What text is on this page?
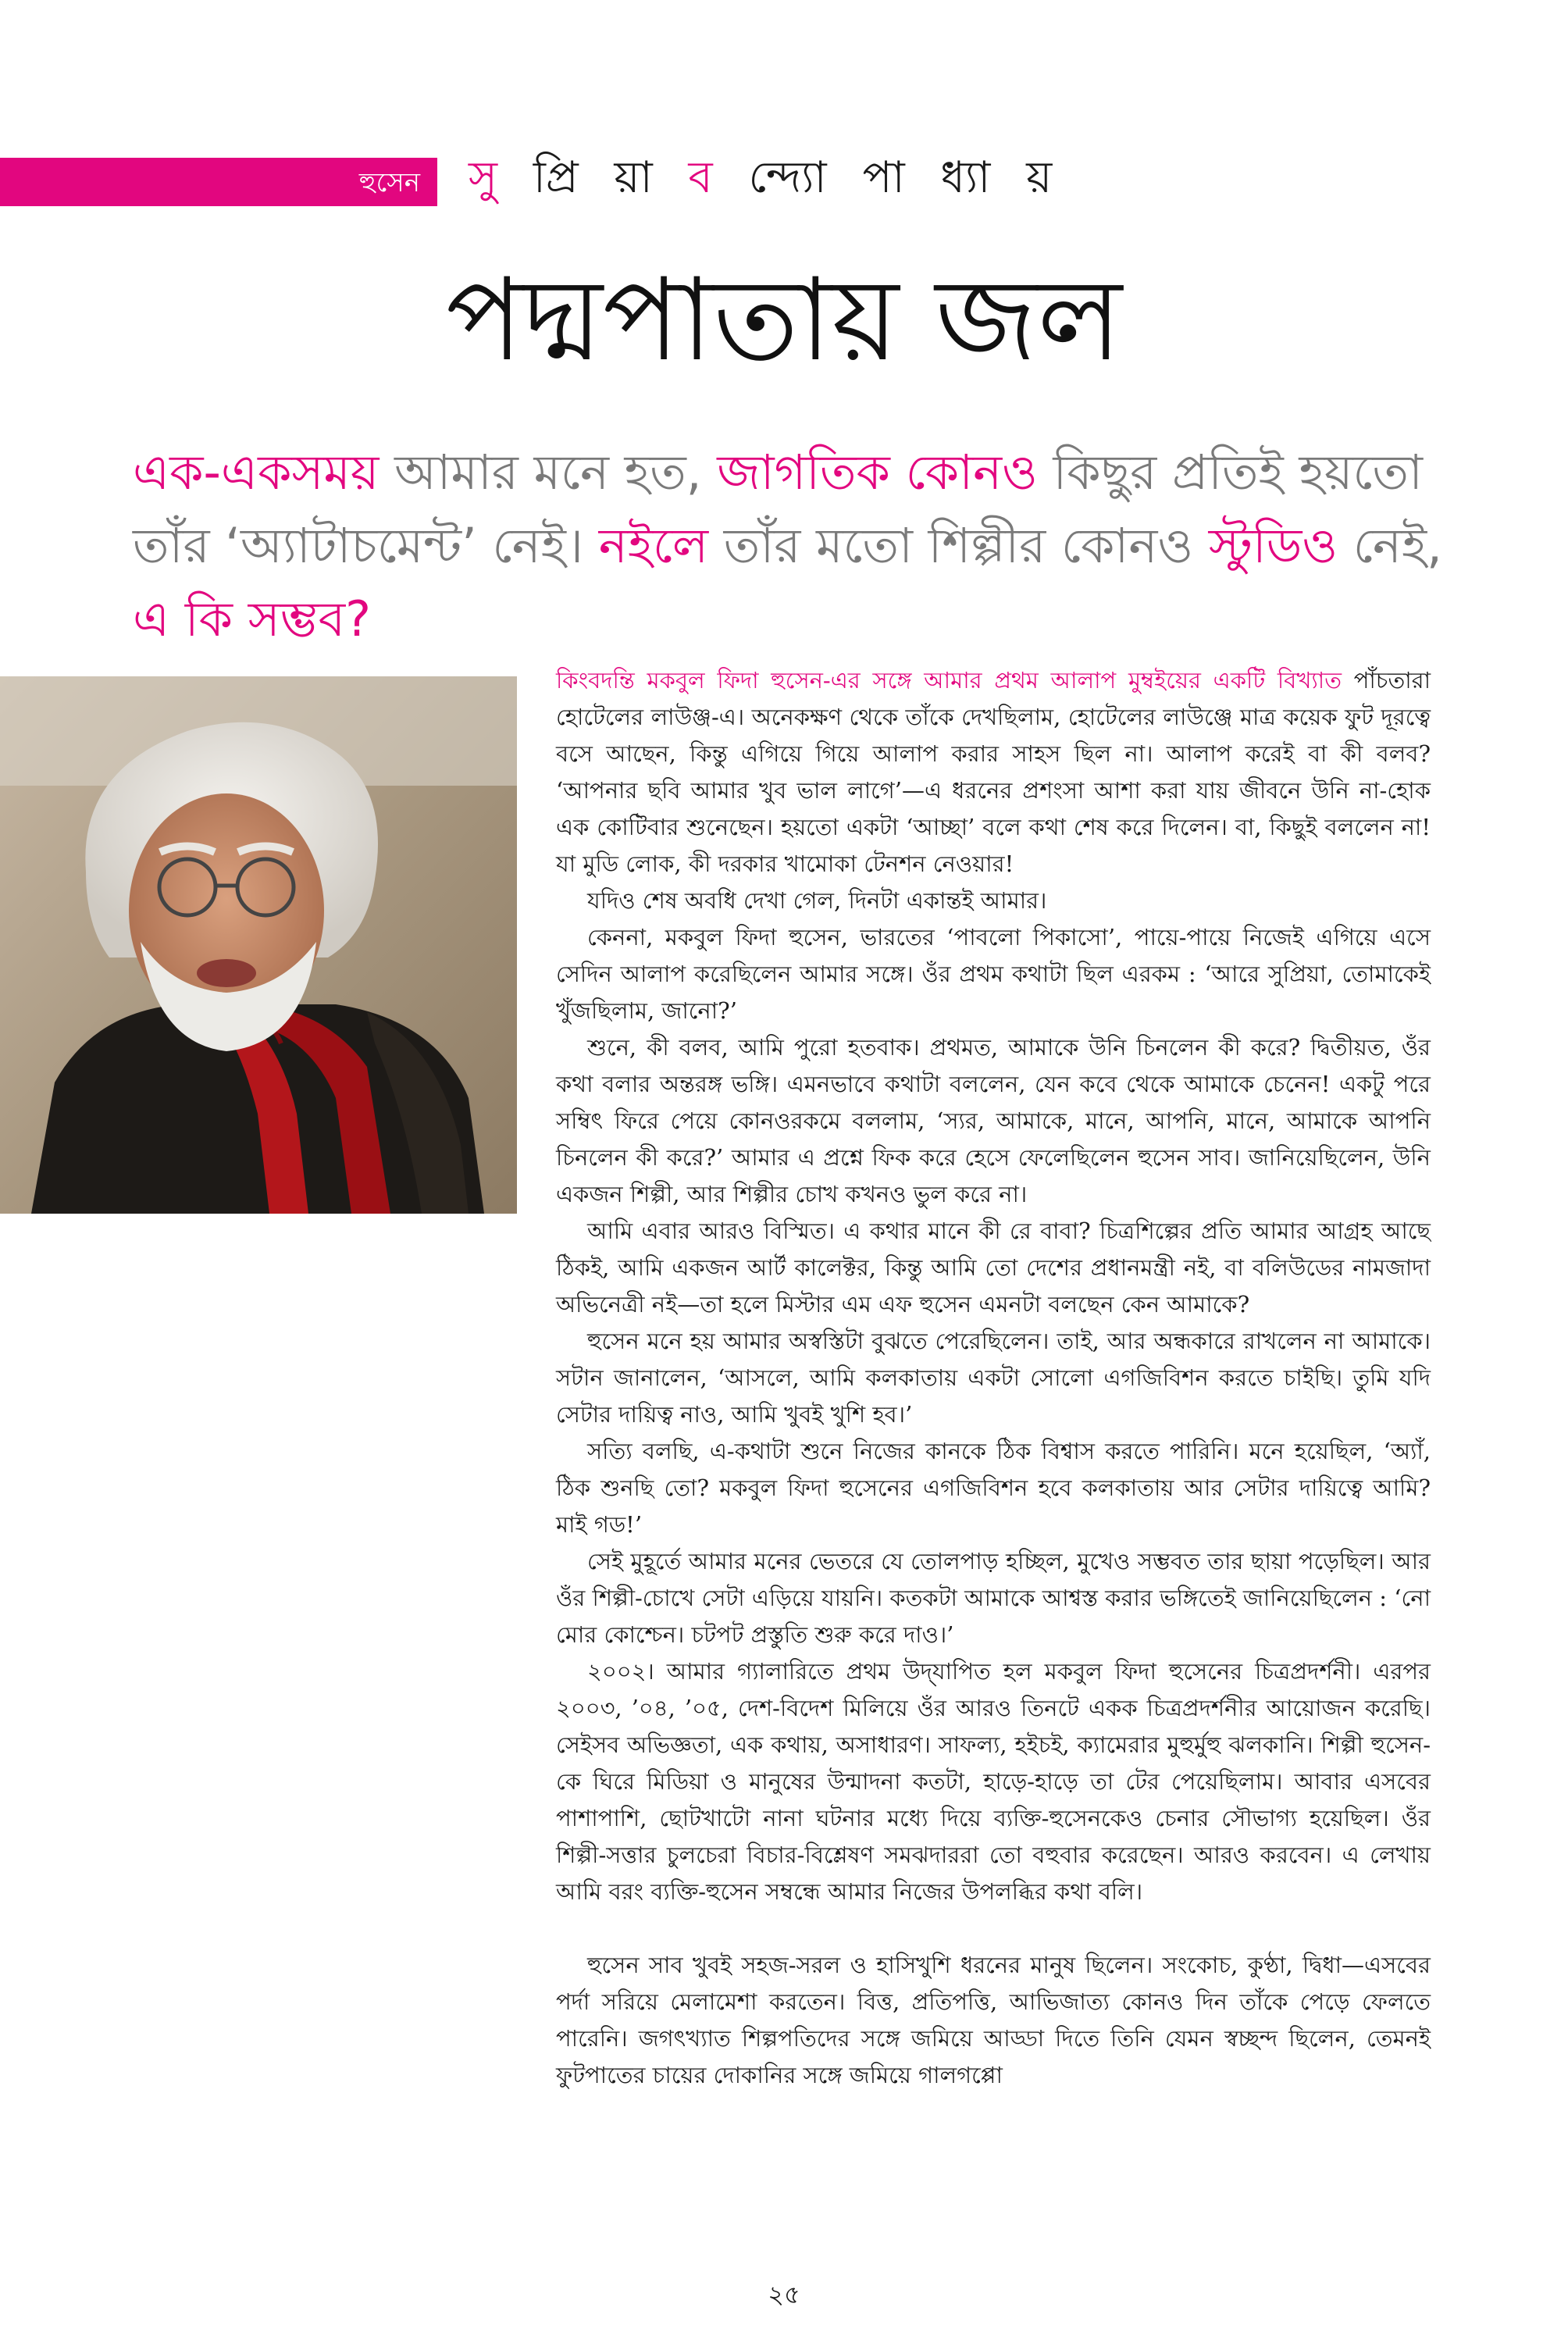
হুসেন সু প্রি য়া ব ন্দ্যো পা ধ্যা য়
পদ্মপাতায় জল
এক-একসময় আমার মনে হত, জাগতিক কোনও কিছুর প্রতিই হয়তো তাঁর ‘অ্যাটাচমেন্ট’ নেই। নইলে তাঁর মতো শিল্পীর কোনও স্টুডিও নেই, এ কি সম্ভব?

কিংবদন্তি মকবুল ফিদা হুসেন-এর সঙ্গে আমার প্রথম আলাপ মুম্বইয়ের একটি বিখ্যাত পাঁচতারা হোটেলের লাউঞ্জ-এ। অনেকক্ষণ থেকে তাঁকে দেখছিলাম, হোটেলের লাউঞ্জে মাত্র কয়েক ফুট দূরত্বে বসে আছেন, কিন্তু এগিয়ে গিয়ে আলাপ করার সাহস ছিল না। আলাপ করেই বা কী বলব? ‘আপনার ছবি আমার খুব ভাল লাগে’—এ ধরনের প্রশংসা আশা করা যায় জীবনে উনি না-হোক এক কোটিবার শুনেছেন। হয়তো একটা ‘আচ্ছা’ বলে কথা শেষ করে দিলেন। বা, কিছুই বললেন না! যা মুডি লোক, কী দরকার খামোকা টেনশন নেওয়ার!

যদিও শেষ অবধি দেখা গেল, দিনটা একান্তই আমার।

কেননা, মকবুল ফিদা হুসেন, ভারতের ‘পাবলো পিকাসো’, পায়ে-পায়ে নিজেই এগিয়ে এসে সেদিন আলাপ করেছিলেন আমার সঙ্গে। ওঁর প্রথম কথাটা ছিল এরকম : ‘আরে সুপ্রিয়া, তোমাকেই খুঁজছিলাম, জানো?’

শুনে, কী বলব, আমি পুরো হতবাক। প্রথমত, আমাকে উনি চিনলেন কী করে? দ্বিতীয়ত, ওঁর কথা বলার অন্তরঙ্গ ভঙ্গি। এমনভাবে কথাটা বললেন, যেন কবে থেকে আমাকে চেনেন! একটু পরে সম্বিৎ ফিরে পেয়ে কোনওরকমে বললাম, ‘স্যর, আমাকে, মানে, আপনি, মানে, আমাকে আপনি চিনলেন কী করে?’ আমার এ প্রশ্নে ফিক করে হেসে ফেলেছিলেন হুসেন সাব। জানিয়েছিলেন, উনি একজন শিল্পী, আর শিল্পীর চোখ কখনও ভুল করে না।

আমি এবার আরও বিস্মিত। এ কথার মানে কী রে বাবা? চিত্রশিল্পের প্রতি আমার আগ্রহ আছে ঠিকই, আমি একজন আর্ট কালেক্টর, কিন্তু আমি তো দেশের প্রধানমন্ত্রী নই, বা বলিউডের নামজাদা অভিনেত্রী নই—তা হলে মিস্টার এম এফ হুসেন এমনটা বলছেন কেন আমাকে?

হুসেন মনে হয় আমার অস্বস্তিটা বুঝতে পেরেছিলেন। তাই, আর অন্ধকারে রাখলেন না আমাকে। সটান জানালেন, ‘আসলে, আমি কলকাতায় একটা সোলো এগজিবিশন করতে চাইছি। তুমি যদি সেটার দায়িত্ব নাও, আমি খুবই খুশি হব।’

সত্যি বলছি, এ-কথাটা শুনে নিজের কানকে ঠিক বিশ্বাস করতে পারিনি। মনে হয়েছিল, ‘অ্যাঁ, ঠিক শুনছি তো? মকবুল ফিদা হুসেনের এগজিবিশন হবে কলকাতায় আর সেটার দায়িত্বে আমি? মাই গড!’

সেই মুহূর্তে আমার মনের ভেতরে যে তোলপাড় হচ্ছিল, মুখেও সম্ভবত তার ছায়া পড়েছিল। আর ওঁর শিল্পী-চোখে সেটা এড়িয়ে যায়নি। কতকটা আমাকে আশ্বস্ত করার ভঙ্গিতেই জানিয়েছিলেন : ‘নো মোর কোশ্চেন। চটপট প্রস্তুতি শুরু করে দাও।’

২০০২। আমার গ্যালারিতে প্রথম উদ্‌যাপিত হল মকবুল ফিদা হুসেনের চিত্রপ্রদর্শনী। এরপর ২০০৩, ’০৪, ’০৫, দেশ-বিদেশ মিলিয়ে ওঁর আরও তিনটে একক চিত্রপ্রদর্শনীর আয়োজন করেছি। সেইসব অভিজ্ঞতা, এক কথায়, অসাধারণ। সাফল্য, হইচই, ক্যামেরার মুহুর্মুহু ঝলকানি। শিল্পী হুসেন-কে ঘিরে মিডিয়া ও মানুষের উন্মাদনা কতটা, হাড়ে-হাড়ে তা টের পেয়েছিলাম। আবার এসবের পাশাপাশি, ছোটখাটো নানা ঘটনার মধ্যে দিয়ে ব্যক্তি-হুসেনকেও চেনার সৌভাগ্য হয়েছিল। ওঁর শিল্পী-সত্তার চুলচেরা বিচার-বিশ্লেষণ সমঝদাররা তো বহুবার করেছেন। আরও করবেন। এ লেখায় আমি বরং ব্যক্তি-হুসেন সম্বন্ধে আমার নিজের উপলব্ধির কথা বলি।

হুসেন সাব খুবই সহজ-সরল ও হাসিখুশি ধরনের মানুষ ছিলেন। সংকোচ, কুণ্ঠা, দ্বিধা—এসবের পর্দা সরিয়ে মেলামেশা করতেন। বিত্ত, প্রতিপত্তি, আভিজাত্য কোনও দিন তাঁকে পেড়ে ফেলতে পারেনি। জগৎখ্যাত শিল্পপতিদের সঙ্গে জমিয়ে আড্ডা দিতে তিনি যেমন স্বচ্ছন্দ ছিলেন, তেমনই ফুটপাতের চায়ের দোকানির সঙ্গে জমিয়ে গালগপ্পো

২৫
